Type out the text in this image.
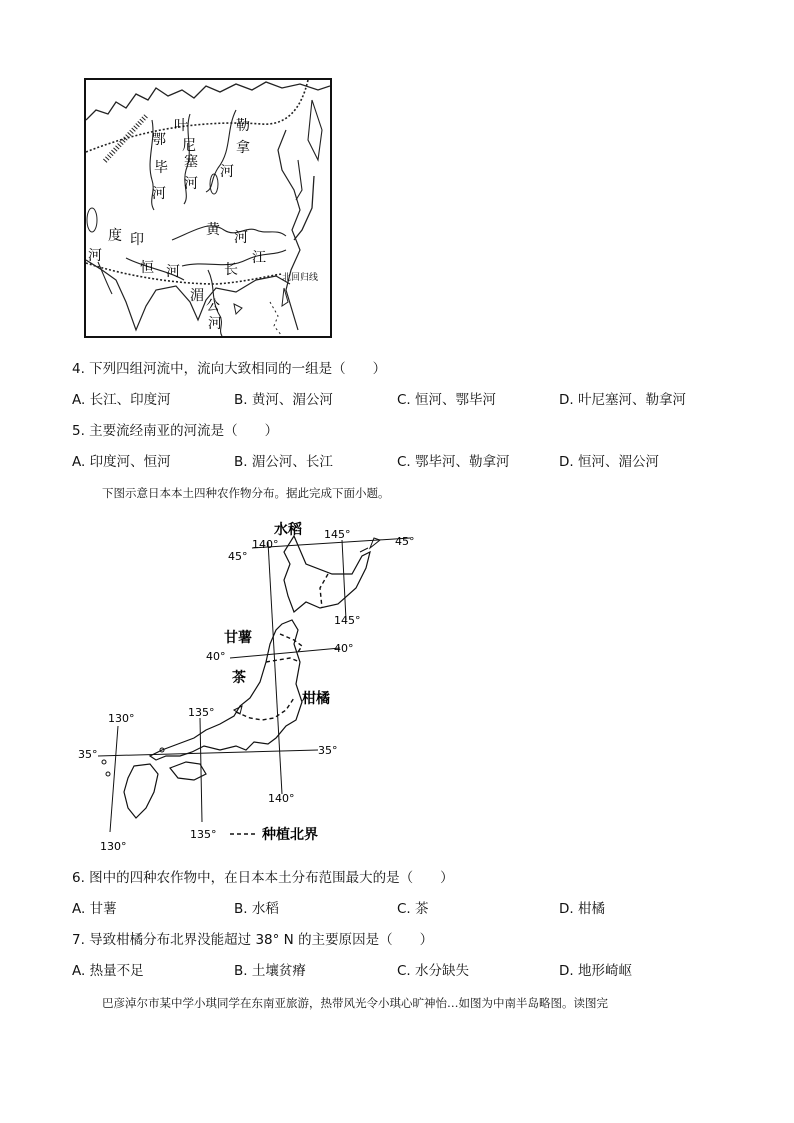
叶	勒
尼
鄂	拿
塞
毕	河
河
河
黄 河
度 印
河
恒 河	长
江
湄
公
河
北回归线
4. 下列四组河流中，流向大致相同的一组是（　　）
A. 长江、印度河	B. 黄河、湄公河	C. 恒河、鄂毕河	D. 叶尼塞河、勒拿河
5. 主要流经南亚的河流是（　　）
A. 印度河、恒河	B. 湄公河、长江	C. 鄂毕河、勒拿河	D. 恒河、湄公河
下图示意日本本土四种农作物分布。据此完成下面小题。
水稻
甘薯
茶
柑橘
140°
145°
45°
45°
145°
40°
40°
135°
130°
35°	35°
140°
130°
135°	种植北界
6. 图中的四种农作物中，在日本本土分布范围最大的是（　　）
A. 甘薯	B. 水稻	C. 茶	D. 柑橘
7. 导致柑橘分布北界没能超过 38° N 的主要原因是（　　）
A. 热量不足	B. 土壤贫瘠	C. 水分缺失	D. 地形崎岖
巴彦淖尔市某中学小琪同学在东南亚旅游，热带风光令小琪心旷神怡…如图为中南半岛略图。读图完
